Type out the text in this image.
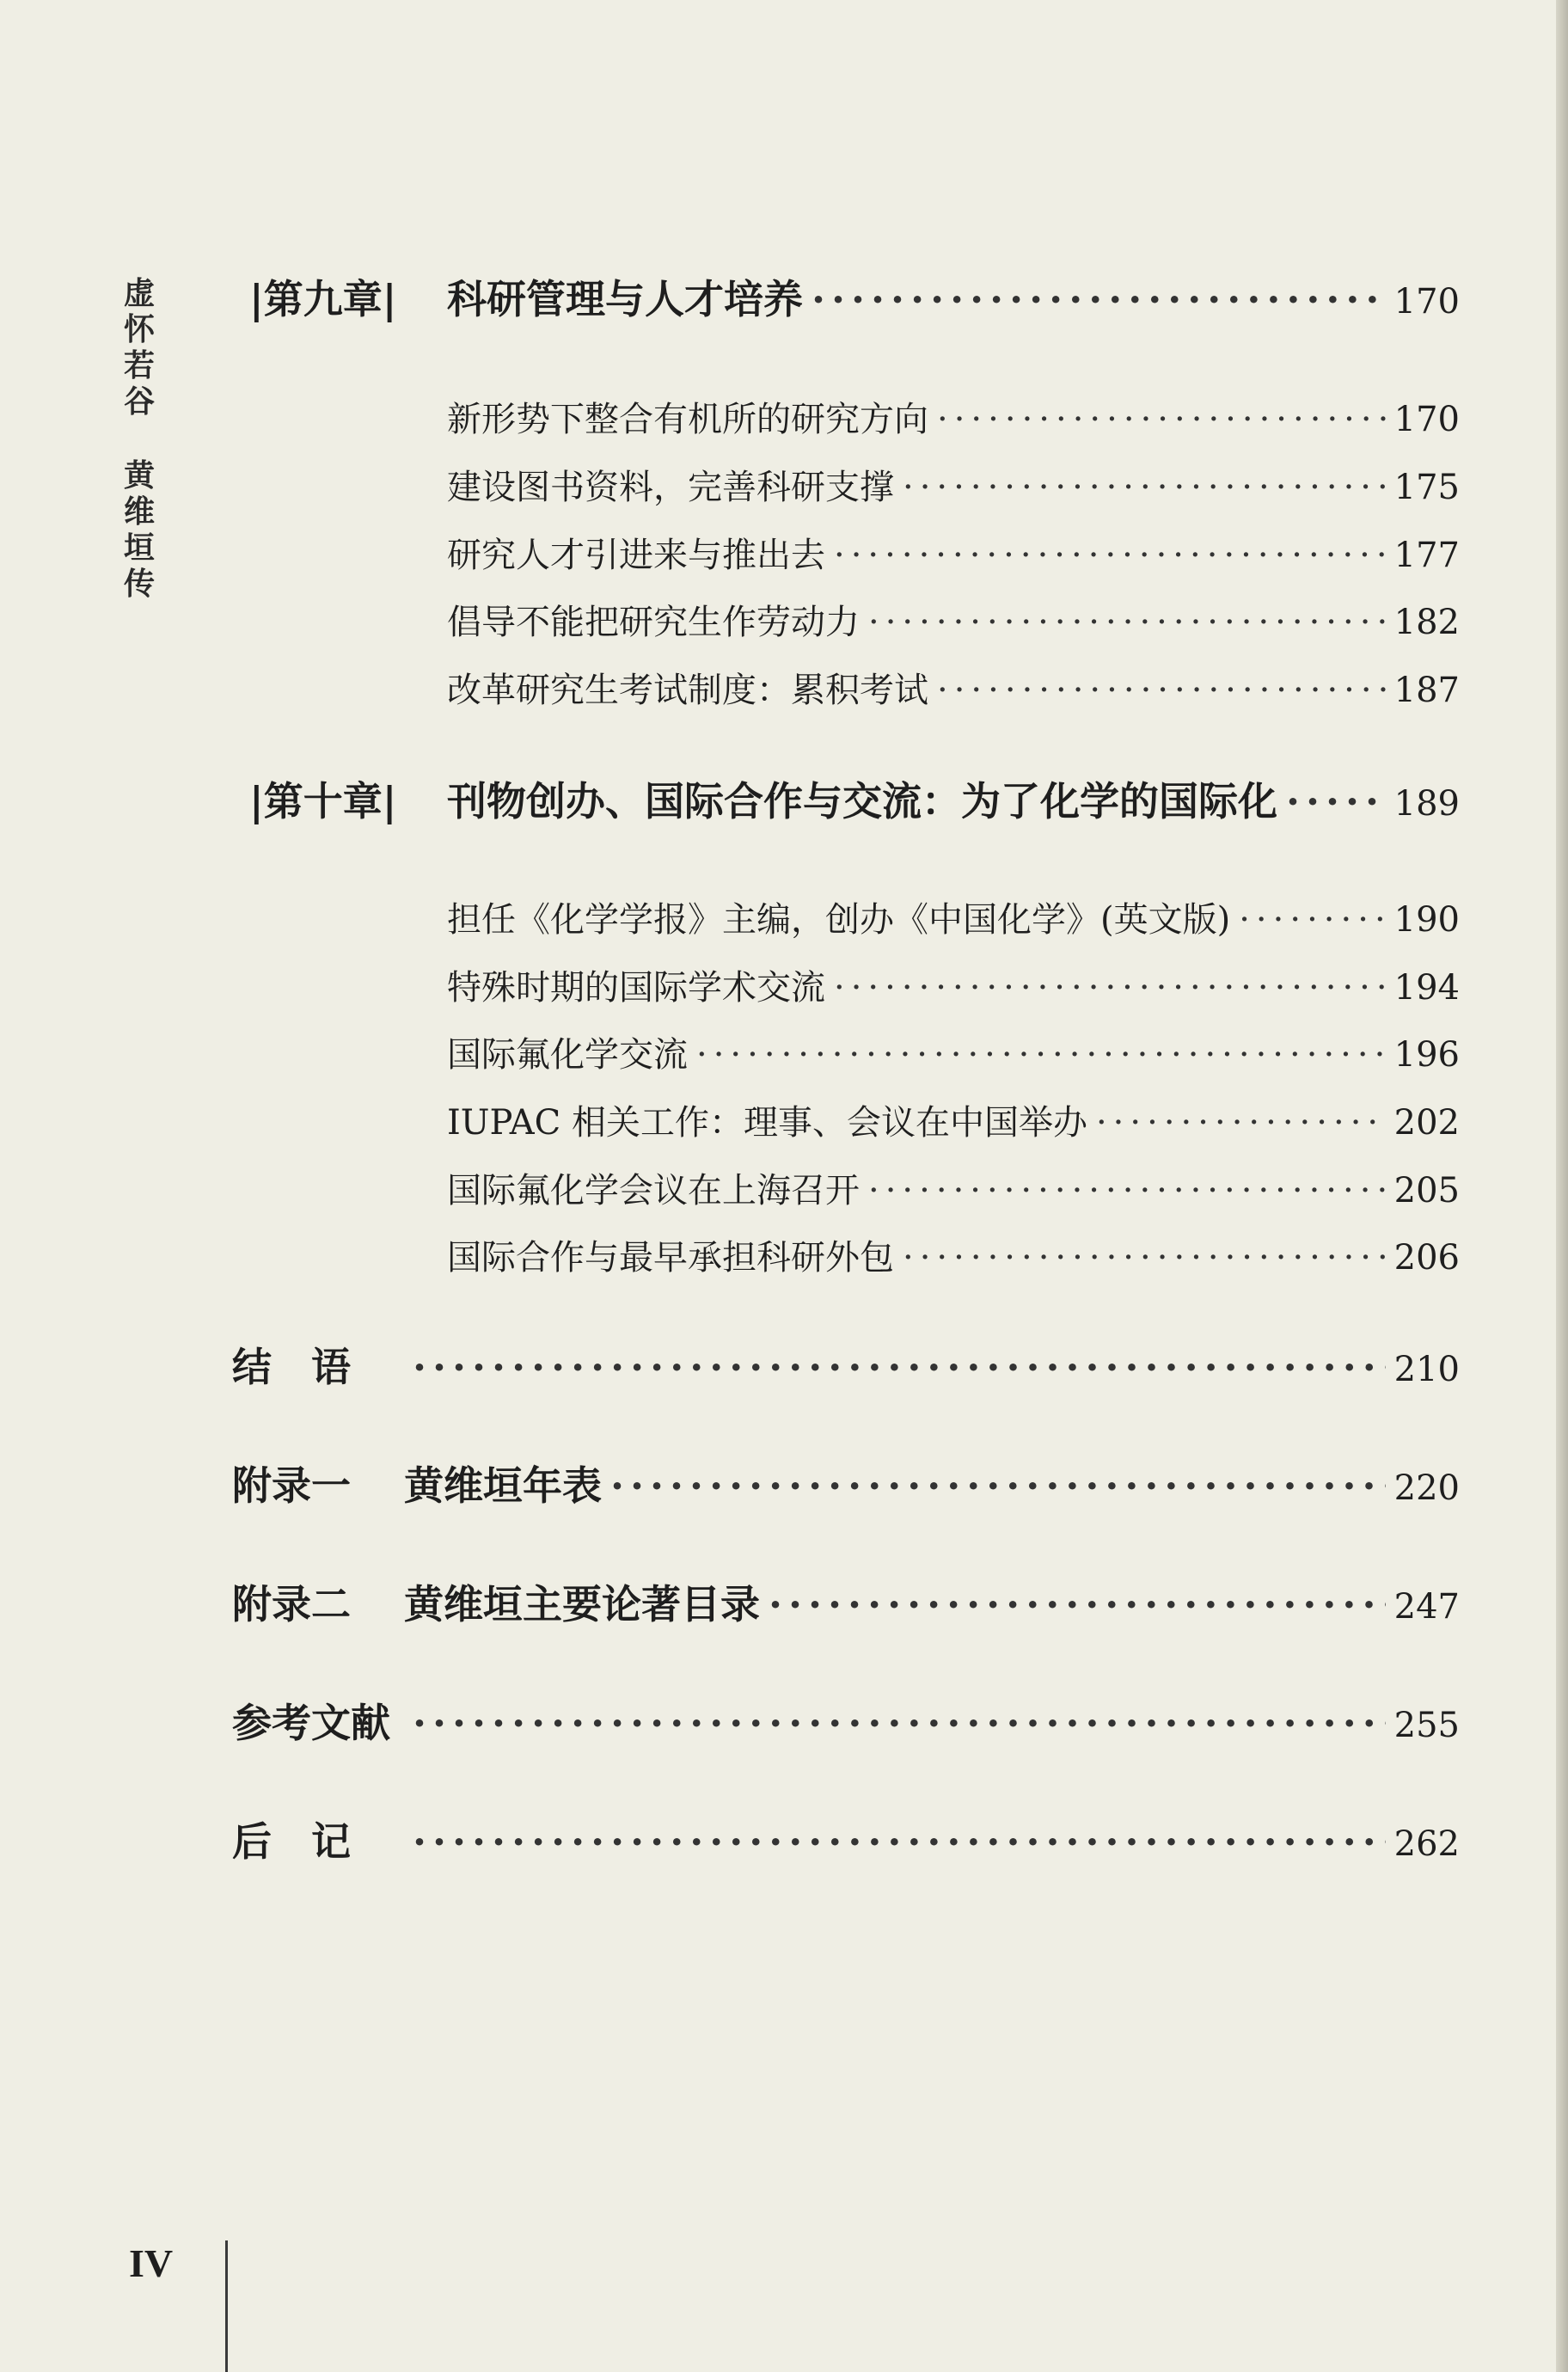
虚
怀
若
谷
黄
维
垣
传
|第九章|	科研管理与人才培养 ·····	170
新形势下整合有机所的研究方向 ·····	170
建设图书资料，完善科研支撑 ·····	175
研究人才引进来与推出去 ·····	177
倡导不能把研究生作劳动力 ·····	182
改革研究生考试制度：累积考试 ·····	187
|第十章|	刊物创办、国际合作与交流：为了化学的国际化 ·····	189
担任《化学学报》主编，创办《中国化学》(英文版) ·····	190
特殊时期的国际学术交流 ·····	194
国际氟化学交流 ·····	196
IUPAC 相关工作：理事、会议在中国举办 ·····	202
国际氟化学会议在上海召开 ·····	205
国际合作与最早承担科研外包 ·····	206
结　语 ·····	210
附录一	黄维垣年表 ·····	220
附录二	黄维垣主要论著目录 ·····	247
参考文献 ·····	255
后　记 ·····	262
IV
